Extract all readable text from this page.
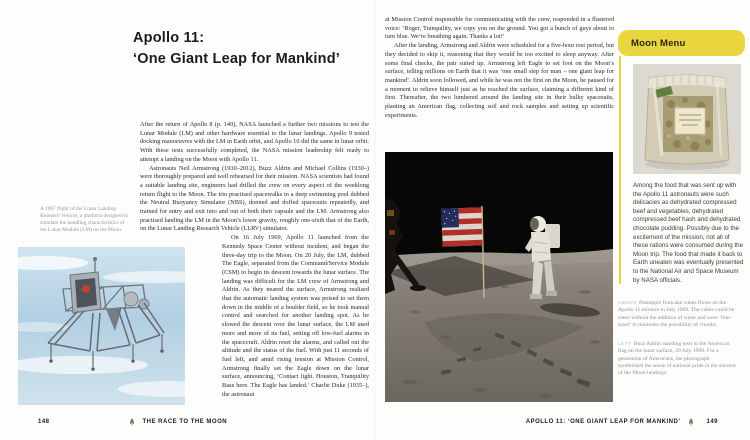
Apollo 11:
‘One Giant Leap for Mankind’

After the return of Apollo 8 (p. 140), NASA launched a further two missions to test the Lunar Module (LM) and other hardware essential to the lunar landings. Apollo 9 tested docking manoeuvres with the LM in Earth orbit, and Apollo 10 did the same in lunar orbit. With these tests successfully completed, the NASA mission leadership felt ready to attempt a landing on the Moon with Apollo 11.

Astronauts Neil Armstrong (1930–2012), Buzz Aldrin and Michael Collins (1930–) were thoroughly prepared and well rehearsed for their mission. NASA scientists had found a suitable landing site, engineers had drilled the crew on every aspect of the weeklong return flight to the Moon. The trio practised spacewalks in a deep swimming pool dubbed the Neutral Buoyancy Simulator (NBS), donned and doffed spacesuits repeatedly, and trained for entry and exit into and out of both their capsule and the LM. Armstrong also practised landing the LM in the Moon’s lower gravity, roughly one-sixth that of the Earth, on the Lunar Landing Research Vehicle (LLRV) simulator.

On 16 July 1969, Apollo 11 launched from the Kennedy Space Center without incident, and began the three-day trip to the Moon. On 20 July, the LM, dubbed The Eagle, separated from the Command/Service Module (CSM) to begin its descent towards the lunar surface. The landing was difficult for the LM crew of Armstrong and Aldrin. As they neared the surface, Armstrong realised that the automatic landing system was poised to set them down in the middle of a boulder field, so he took manual control and searched for another landing spot. As he slowed the descent over the lunar surface, the LM used more and more of its fuel, setting off low-fuel alarms in the spacecraft. Aldrin reset the alarms, and called out the altitude and the status of the fuel. With just 11 seconds of fuel left, and amid rising tension at Mission Control, Armstrong finally set the Eagle down on the lunar surface, announcing, ‘Contact light. Houston, Tranquility Base here. The Eagle has landed.’ Charlie Duke (1935–), the astronaut

A 1967 flight of the Lunar Landing Research Vehicle, a platform designed to simulate the handling characteristics of the Lunar Module (LM) on the Moon.
148	THE RACE TO THE MOON

at Mission Control responsible for communicating with the crew, responded in a flustered voice: ‘Roger, Tranquility, we copy you on the ground. You got a bunch of guys about to turn blue. We’re breathing again. Thanks a lot!’

After the landing, Armstrong and Aldrin were scheduled for a five-hour rest period, but they decided to skip it, reasoning that they would be too excited to sleep anyway. After some final checks, the pair suited up. Armstrong left Eagle to set foot on the Moon’s surface, telling millions on Earth that it was ‘one small step for man – one giant leap for mankind’. Aldrin soon followed, and while he was not the first on the Moon, he paused for a moment to relieve himself just as he reached the surface, claiming a different kind of first. Thereafter, the two lumbered around the landing site in their bulky spacesuits, planting an American flag, collecting soil and rock samples and setting up scientific experiments.

Moon Menu
Among the food that was sent up with the Apollo 11 astronauts were such delicacies as dehydrated compressed beef and vegetables, dehydrated compressed beef hash and dehydrated chocolate pudding. Possibly due to the excitement of the mission, not all of these rations were consumed during the Moon trip. The food that made it back to Earth uneaten was eventually presented to the National Air and Space Museum by NASA officials.
ABOVE Pineapple fruitcake cubes flown on the Apollo 11 mission in July 1969. The cubes could be eaten without the addition of water and were ‘bite-sized’ to minimise the possibility of crumbs.
LEFT Buzz Aldrin standing next to the American flag on the lunar surface, 20 July 1969. For a generation of Americans, the photograph symbolised the sense of national pride in the success of the Moon landings.
APOLLO 11: ‘ONE GIANT LEAP FOR MANKIND’	149
